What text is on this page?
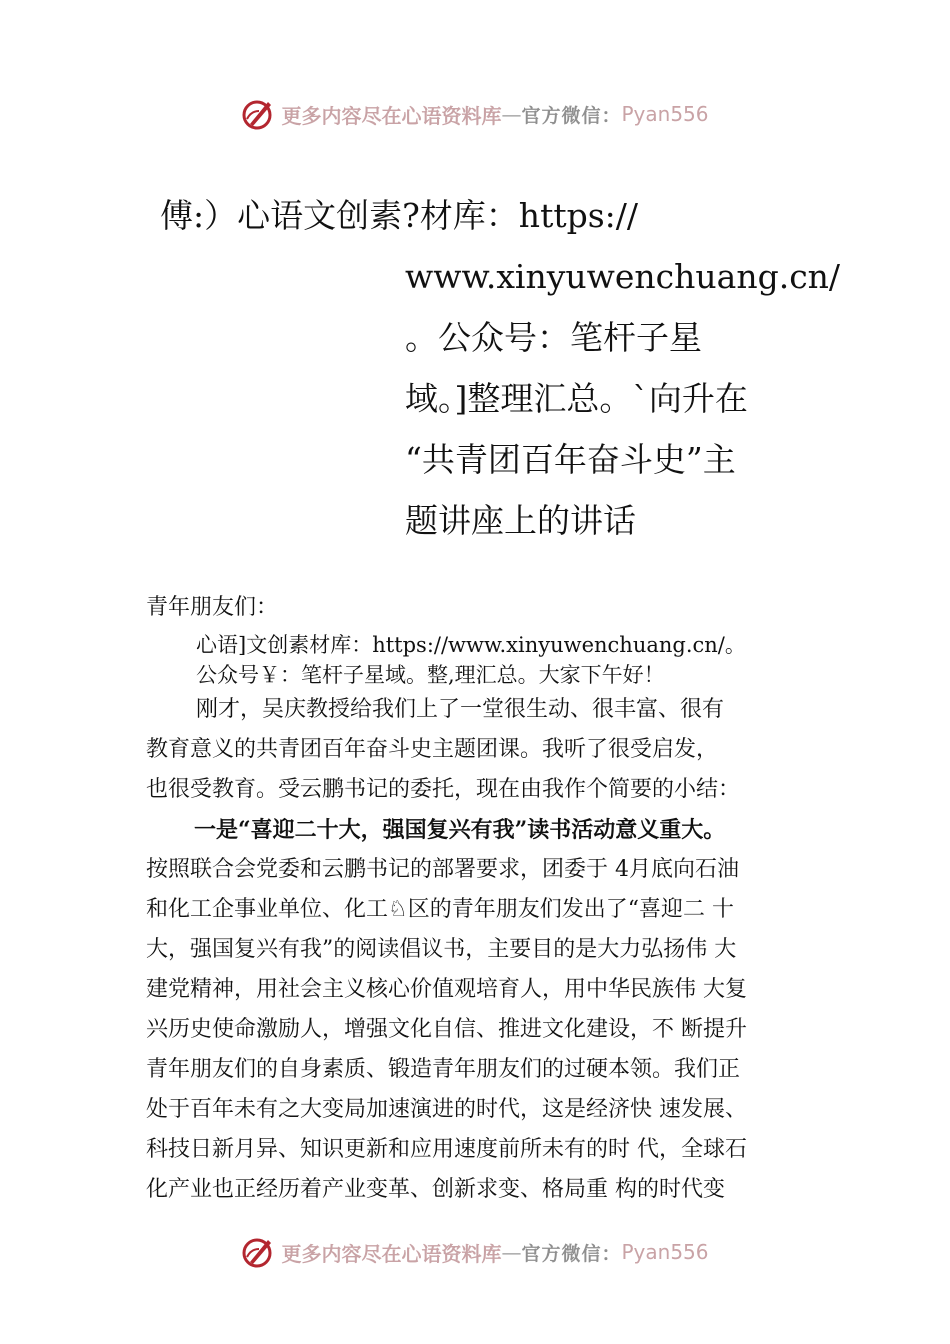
更多内容尽在心语资料库 — 官方微信： Pyan556
傅:）心语文创素?材库：https://
www.xinyuwenchuang.cn/
。公众号：笔杆子星
域。]整理汇总。`向升在
“共青团百年奋斗史”主
题讲座上的讲话
青年朋友们：
心语]文创素材库：https://www.xinyuwenchuang.cn/。
公众号￥：笔杆子星域。整,理汇总。大家下午好！
刚才，吴庆教授给我们上了一堂很生动、很丰富、很有
教育意义的共青团百年奋斗史主题团课。我听了很受启发，
也很受教育。受云鹏书记的委托，现在由我作个简要的小结：
一是“喜迎二十大，强国复兴有我”读书活动意义重大。
按照联合会党委和云鹏书记的部署要求，团委于 4月底向石油
和化工企事业单位、化工♘区的青年朋友们发出了“喜迎二 十
大，强国复兴有我”的阅读倡议书，主要目的是大力弘扬伟 大
建党精神，用社会主义核心价值观培育人，用中华民族伟 大复
兴历史使命激励人，增强文化自信、推进文化建设，不 断提升
青年朋友们的自身素质、锻造青年朋友们的过硬本领。我们正
处于百年未有之大变局加速演进的时代，这是经济快 速发展、
科技日新月异、知识更新和应用速度前所未有的时 代，全球石
化产业也正经历着产业变革、创新求变、格局重 构的时代变
更多内容尽在心语资料库 — 官方微信： Pyan556
